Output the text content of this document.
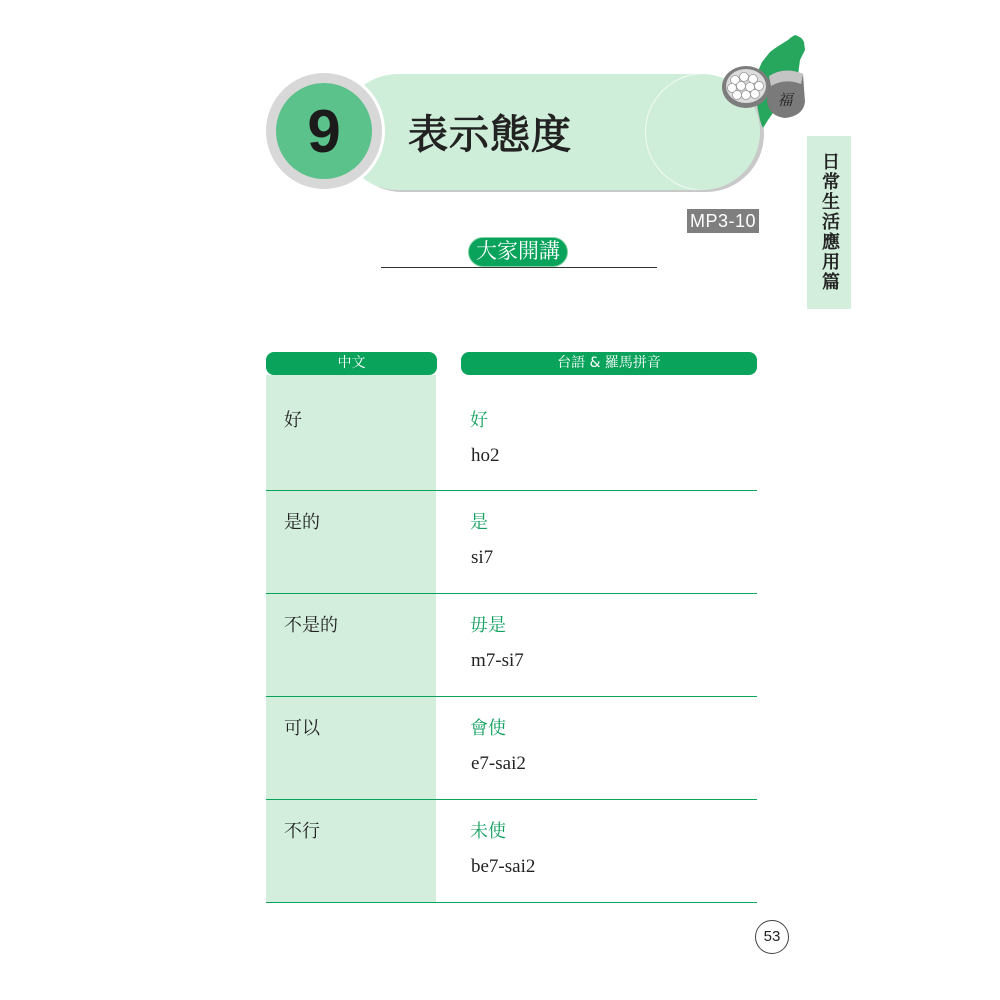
9	表示態度
福
日常生活應用篇
MP3-10
大家開講
中文	台語 & 羅馬拼音
好	好
ho2
是的	是
si7
不是的	毋是
m7-si7
可以	會使
e7-sai2
不行	未使
be7-sai2
53
